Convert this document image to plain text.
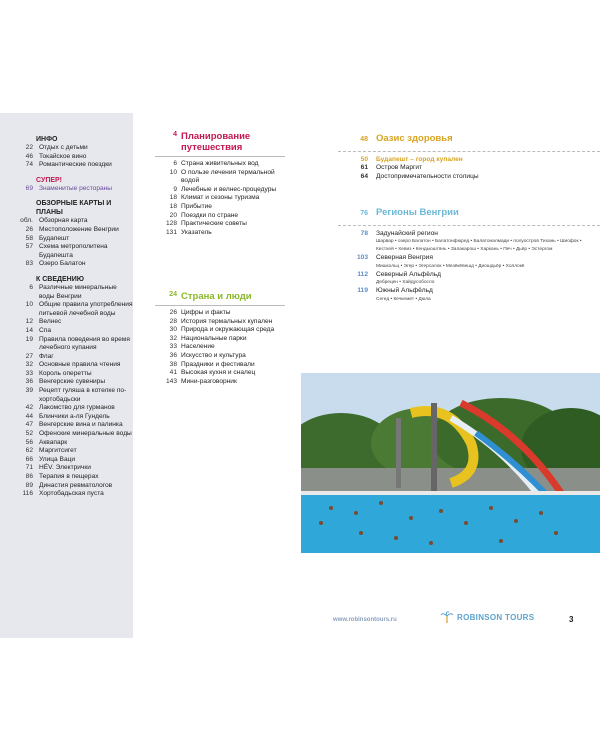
ИНФО
22 Отдых с детьми
46 Токайское вино
74 Романтические поездки
СУПЕР!
69 Знаменитые рестораны
ОБЗОРНЫЕ КАРТЫ И ПЛАНЫ
обл. Обзорная карта
26 Местоположение Венгрии
58 Будапешт
57 Схема метрополитена Будапешта
83 Озеро Балатон
К СВЕДЕНИЮ
6 Различные минеральные воды Венгрии
10 Общие правила употребления питьевой лечебной воды
12 Велнес
14 Спа
19 Правила поведения во время лечебного купания
27 Флаг
32 Основные правила чтения
33 Король оперетты
36 Венгерские сувениры
39 Рецепт гуляша в котелке по-хортобадьски
42 Лакомство для гурманов
44 Блинчики а-ля Гундель
47 Венгерские вина и палинка
52 Офенские минеральные воды
56 Аквапарк
62 Маргитсигет
66 Улица Ваци
71 HÉV. Электрички
86 Терапия в пещерах
89 Династия ревматологов
116 Хортобадьская пуста
4 Планирование путешествия
6 Страна живительных вод
10 О пользе лечения термальной водой
9 Лечебные и велнес-процедуры
18 Климат и сезоны туризма
18 Прибытие
20 Поездки по стране
128 Практические советы
131 Указатель
24 Страна и люди
26 Цифры и факты
28 История термальных купален
30 Природа и окружающая среда
32 Национальные парки
33 Население
36 Искусство и культура
38 Праздники и фестивали
41 Высокая кухня и сналец
143 Мини-разговорник
48 Оазис здоровья
50	Будапешт – город купален
61	Остров Маргит
64	Достопримечательности столицы
76 Регионы Венгрии
78	Задунайский регион
Шарвар • озеро Балатон • Балатонфюред • Балатоналмади • полуостров Тихань • Шиофок • Кестхей • Хевиз • Кендьюштянь • Залакарош • Харкань • Печ • Дьёр • Эстергом
103	Северная Венгрия
Мишкольц • Эгер • Эгерсалок • Мезёкёвешд • Диошдьёр • Холлокё
112	Северный Альфёльд
Дебрецен • Хайдусобосло
119	Южный Альфёльд
Сегед • Кечкемет • Дюла
www.robinsontours.ru	ROBINSON TOURS	3
